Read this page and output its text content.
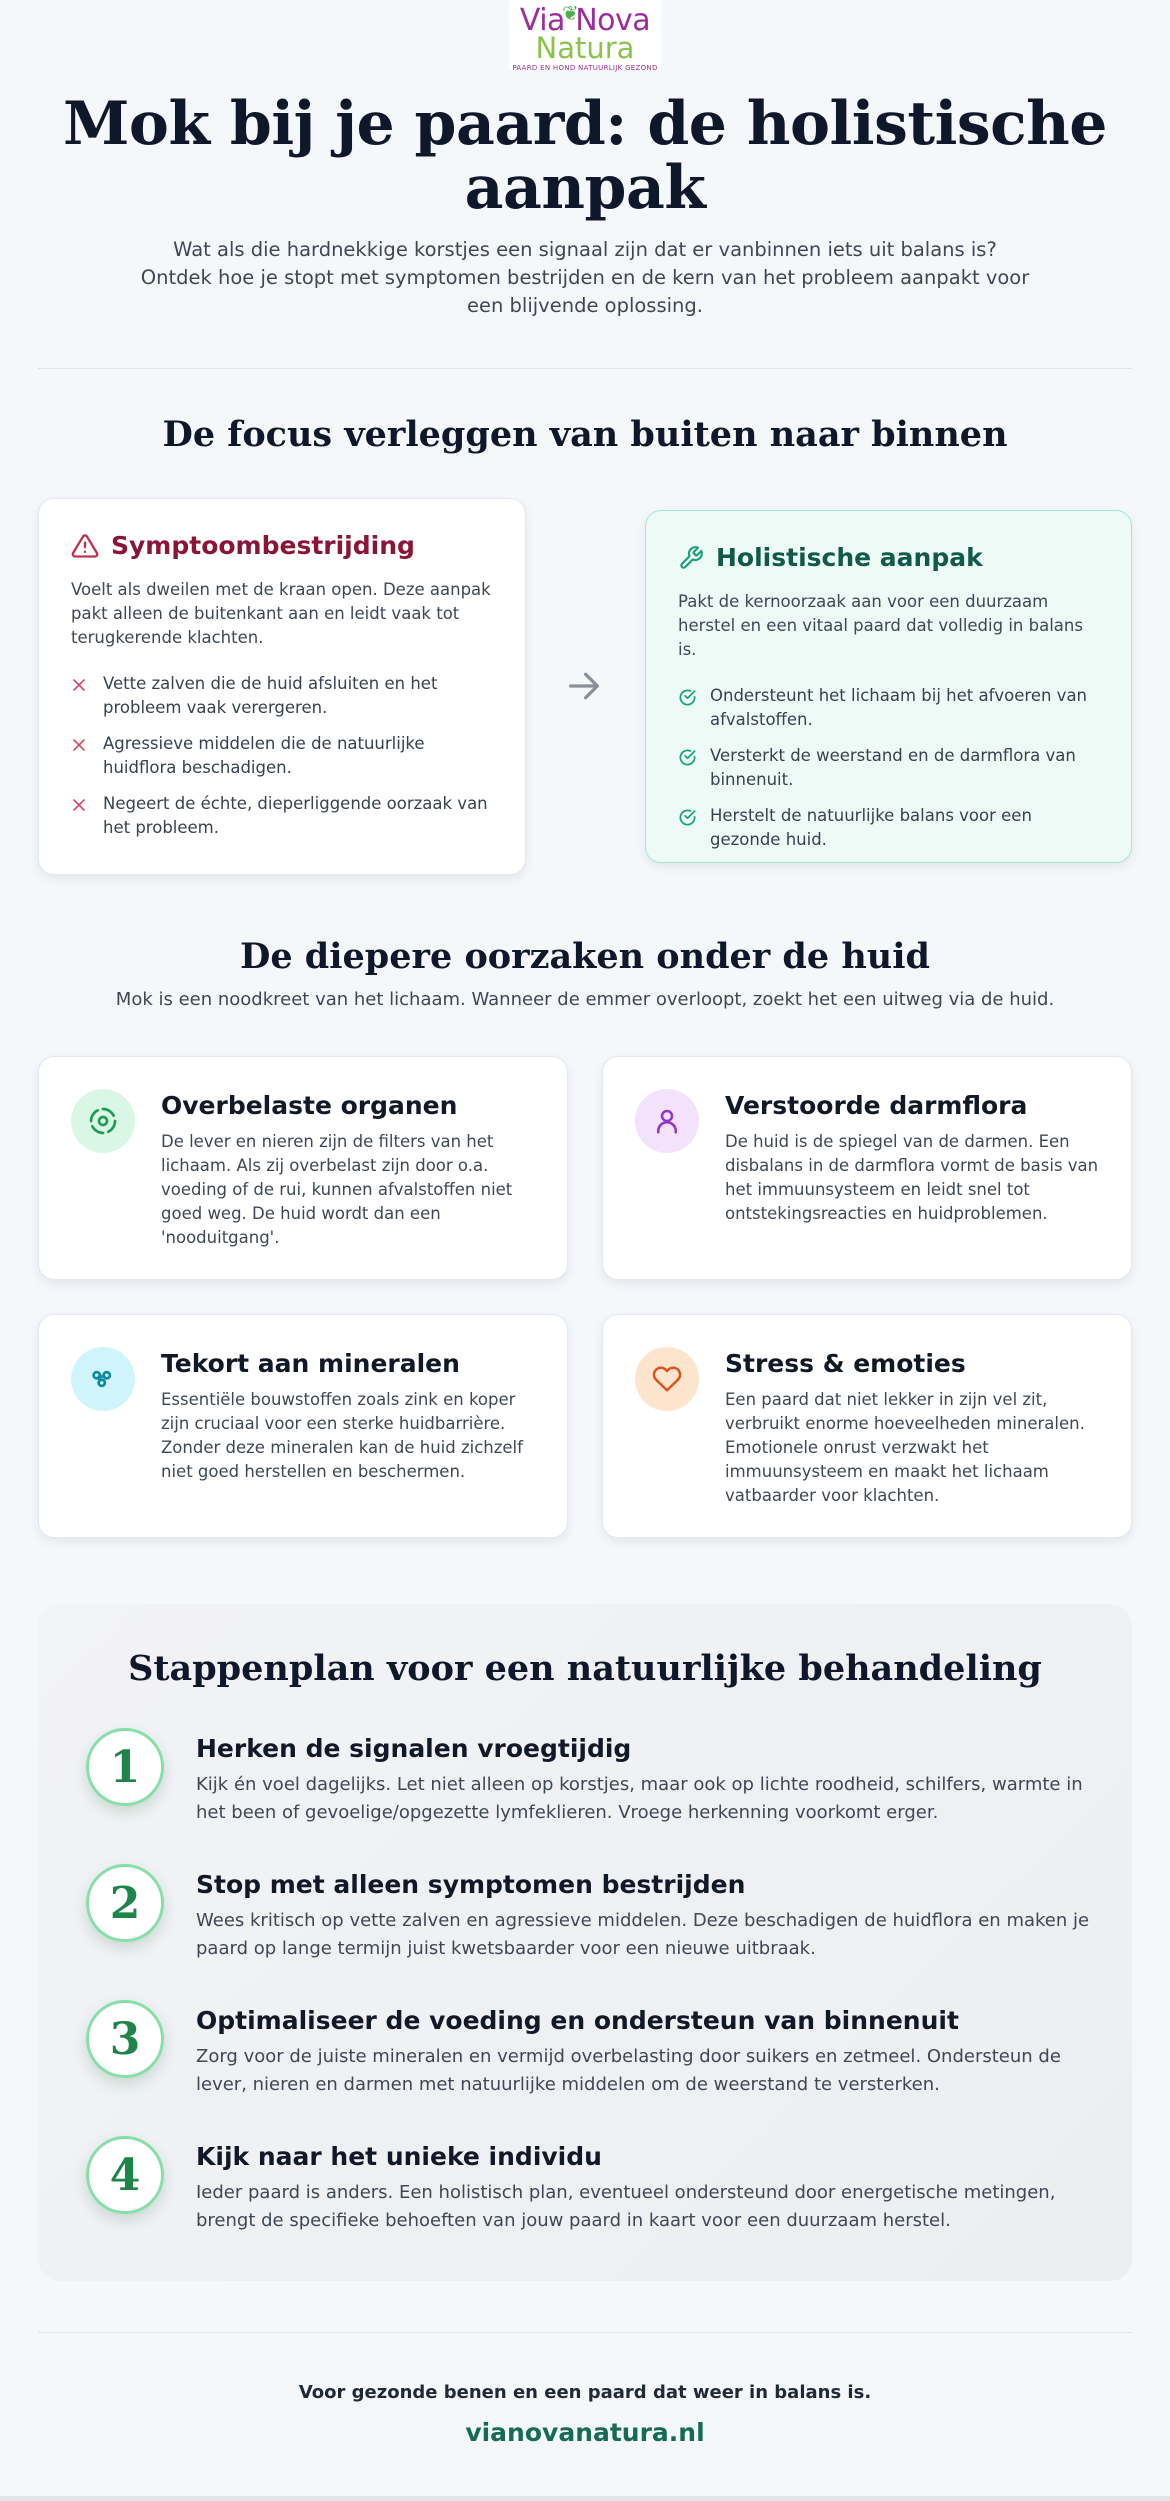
Via❦Nova
Natura
PAARD EN HOND NATUURLIJK GEZOND
Mok bij je paard: de holistische aanpak

Wat als die hardnekkige korstjes een signaal zijn dat er vanbinnen iets uit balans is? Ontdek hoe je stopt met symptomen bestrijden en de kern van het probleem aanpakt voor een blijvende oplossing.

De focus verleggen van buiten naar binnen
Symptoombestrijding

Voelt als dweilen met de kraan open. Deze aanpak pakt alleen de buitenkant aan en leidt vaak tot terugkerende klachten.

Vette zalven die de huid afsluiten en het probleem vaak verergeren.
Agressieve middelen die de natuurlijke huidflora beschadigen.
Negeert de échte, dieperliggende oorzaak van het probleem.
Holistische aanpak

Pakt de kernoorzaak aan voor een duurzaam herstel en een vitaal paard dat volledig in balans is.

Ondersteunt het lichaam bij het afvoeren van afvalstoffen.
Versterkt de weerstand en de darmflora van binnenuit.
Herstelt de natuurlijke balans voor een gezonde huid.
De diepere oorzaken onder de huid

Mok is een noodkreet van het lichaam. Wanneer de emmer overloopt, zoekt het een uitweg via de huid.

Overbelaste organen

De lever en nieren zijn de filters van het lichaam. Als zij overbelast zijn door o.a. voeding of de rui, kunnen afvalstoffen niet goed weg. De huid wordt dan een 'nooduitgang'.

Verstoorde darmflora

De huid is de spiegel van de darmen. Een disbalans in de darmflora vormt de basis van het immuunsysteem en leidt snel tot ontstekingsreacties en huidproblemen.

Tekort aan mineralen

Essentiële bouwstoffen zoals zink en koper zijn cruciaal voor een sterke huidbarrière. Zonder deze mineralen kan de huid zichzelf niet goed herstellen en beschermen.

Stress & emoties

Een paard dat niet lekker in zijn vel zit, verbruikt enorme hoeveelheden mineralen. Emotionele onrust verzwakt het immuunsysteem en maakt het lichaam vatbaarder voor klachten.

Stappenplan voor een natuurlijke behandeling
1	Herken de signalen vroegtijdig

Kijk én voel dagelijks. Let niet alleen op korstjes, maar ook op lichte roodheid, schilfers, warmte in het been of gevoelige/opgezette lymfeklieren. Vroege herkenning voorkomt erger.

2	Stop met alleen symptomen bestrijden

Wees kritisch op vette zalven en agressieve middelen. Deze beschadigen de huidflora en maken je paard op lange termijn juist kwetsbaarder voor een nieuwe uitbraak.

3	Optimaliseer de voeding en ondersteun van binnenuit

Zorg voor de juiste mineralen en vermijd overbelasting door suikers en zetmeel. Ondersteun de lever, nieren en darmen met natuurlijke middelen om de weerstand te versterken.

4	Kijk naar het unieke individu

Ieder paard is anders. Een holistisch plan, eventueel ondersteund door energetische metingen, brengt de specifieke behoeften van jouw paard in kaart voor een duurzaam herstel.

Voor gezonde benen en een paard dat weer in balans is.

vianovanatura.nl
